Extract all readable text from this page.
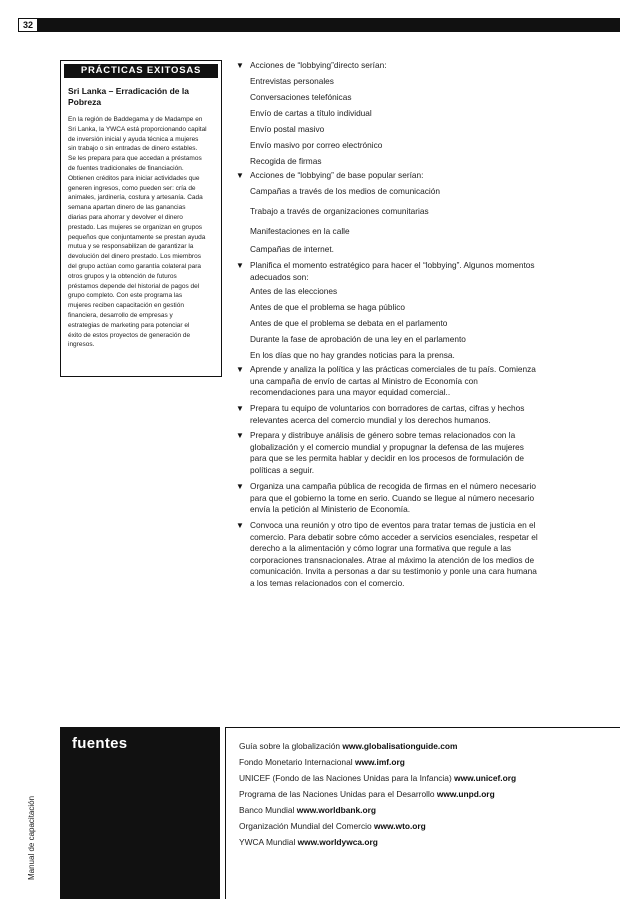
32
PRÁCTICAS EXITOSAS
Sri Lanka – Erradicación de la Pobreza
En la región de Baddegama y de Madampe en
Sri Lanka, la YWCA está proporcionando capital
de inversión inicial y ayuda técnica a mujeres
sin trabajo o sin entradas de dinero estables.
Se les prepara para que accedan a préstamos
de fuentes tradicionales de financiación.
Obtienen créditos para iniciar actividades que
generen ingresos, como pueden ser: cría de
animales, jardinería, costura y artesanía. Cada
semana apartan dinero de las ganancias
diarias para ahorrar y devolver el dinero
prestado. Las mujeres se organizan en grupos
pequeños que conjuntamente se prestan ayuda
mutua y se responsabilizan de garantizar la
devolución del dinero prestado. Los miembros
del grupo actúan como garantía colateral para
otros grupos y la obtención de futuros
préstamos depende del historial de pagos del
grupo completo. Con este programa las
mujeres reciben capacitación en gestión
financiera, desarrollo de empresas y
estrategias de marketing para potenciar el
éxito de estos proyectos de generación de
ingresos.
▼ Acciones de “lobbying”directo serían:
Entrevistas personales
Conversaciones telefónicas
Envío de cartas a título individual
Envío postal masivo
Envío masivo por correo electrónico
Recogida de firmas
▼ Acciones de “lobbying” de base popular serían:
Campañas a través de los medios de comunicación
Trabajo a través de organizaciones comunitarias
Manifestaciones en la calle
Campañas de internet.
▼ Planifica el momento estratégico para hacer el “lobbying”. Algunos momentos
adecuados son:
Antes de las elecciones
Antes de que el problema se haga público
Antes de que el problema se debata en el parlamento
Durante la fase de aprobación de una ley en el parlamento
En los días que no hay grandes noticias para la prensa.
▼ Aprende y analiza la política y las prácticas comerciales de tu país. Comienza
una campaña de envío de cartas al Ministro de Economía con
recomendaciones para una mayor equidad comercial..
▼ Prepara tu equipo de voluntarios con borradores de cartas, cifras y hechos
relevantes acerca del comercio mundial y los derechos humanos.
▼ Prepara y distribuye análisis de género sobre temas relacionados con la
globalización y el comercio mundial y propugnar la defensa de las mujeres
para que se les permita hablar y decidir en los procesos de formulación de
políticas a seguir.
▼ Organiza una campaña pública de recogida de firmas en el número necesario
para que el gobierno la tome en serio. Cuando se llegue al número necesario
envía la petición al Ministerio de Economía.
▼ Convoca una reunión y otro tipo de eventos para tratar temas de justicia en el
comercio. Para debatir sobre cómo acceder a servicios esenciales, respetar el
derecho a la alimentación y cómo lograr una formativa que regule a las
corporaciones transnacionales. Atrae al máximo la atención de los medios de
comunicación. Invita a personas a dar su testimonio y ponle una cara humana
a los temas relacionados con el comercio.
Manual de capacitación
fuentes	Guía sobre la globalización www.globalisationguide.com
Fondo Monetario Internacional www.imf.org
UNICEF (Fondo de las Naciones Unidas para la Infancia) www.unicef.org
Programa de las Naciones Unidas para el Desarrollo www.unpd.org
Banco Mundial www.worldbank.org
Organización Mundial del Comercio www.wto.org
YWCA Mundial www.worldywca.org
